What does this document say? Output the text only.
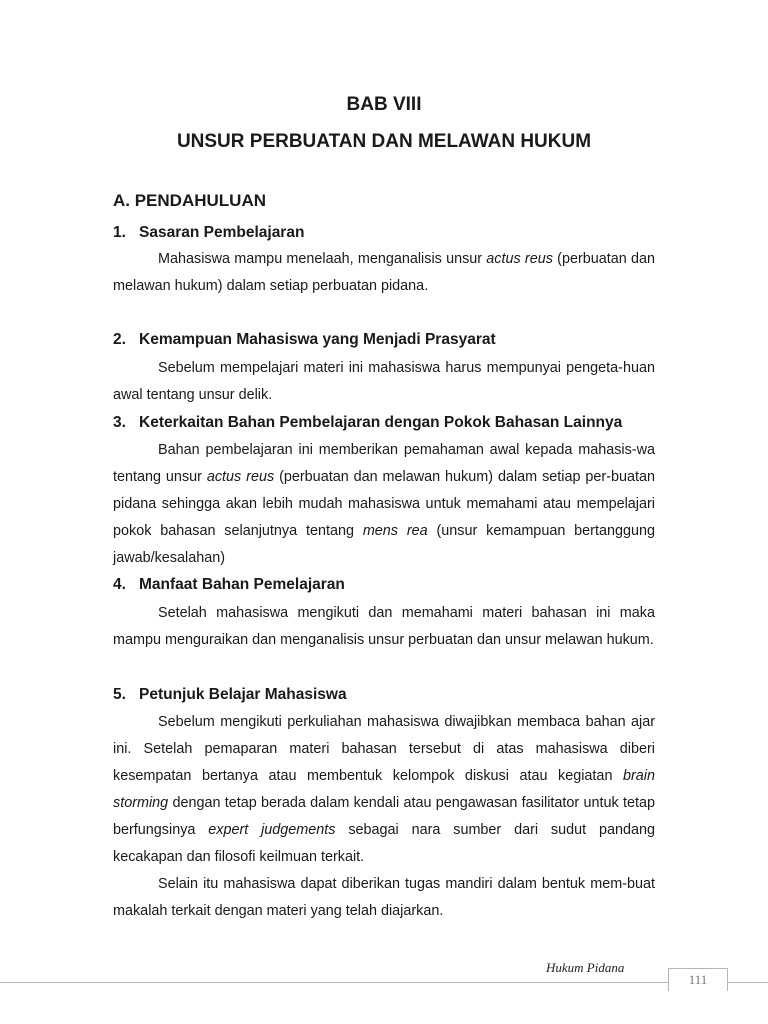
BAB VIII
UNSUR PERBUATAN DAN MELAWAN HUKUM
A. PENDAHULUAN
1. Sasaran Pembelajaran

Mahasiswa mampu menelaah, menganalisis unsur actus reus (perbuatan dan melawan hukum) dalam setiap perbuatan pidana.

2. Kemampuan Mahasiswa yang Menjadi Prasyarat

Sebelum mempelajari materi ini mahasiswa harus mempunyai pengeta-huan awal tentang unsur delik.

3. Keterkaitan Bahan Pembelajaran dengan Pokok Bahasan Lainnya

Bahan pembelajaran ini memberikan pemahaman awal kepada mahasis-wa tentang unsur actus reus (perbuatan dan melawan hukum) dalam setiap per-buatan pidana sehingga akan lebih mudah mahasiswa untuk memahami atau mempelajari pokok bahasan selanjutnya tentang mens rea (unsur kemampuan bertanggung jawab/kesalahan)

4. Manfaat Bahan Pemelajaran

Setelah mahasiswa mengikuti dan memahami materi bahasan ini maka mampu menguraikan dan menganalisis unsur perbuatan dan unsur melawan hukum.

5. Petunjuk Belajar Mahasiswa

Sebelum mengikuti perkuliahan mahasiswa diwajibkan membaca bahan ajar ini. Setelah pemaparan materi bahasan tersebut di atas mahasiswa diberi kesempatan bertanya atau membentuk kelompok diskusi atau kegiatan brain storming dengan tetap berada dalam kendali atau pengawasan fasilitator untuk tetap berfungsinya expert judgements sebagai nara sumber dari sudut pandang kecakapan dan filosofi keilmuan terkait.

Selain itu mahasiswa dapat diberikan tugas mandiri dalam bentuk mem-buat makalah terkait dengan materi yang telah diajarkan.

Hukum Pidana
111
